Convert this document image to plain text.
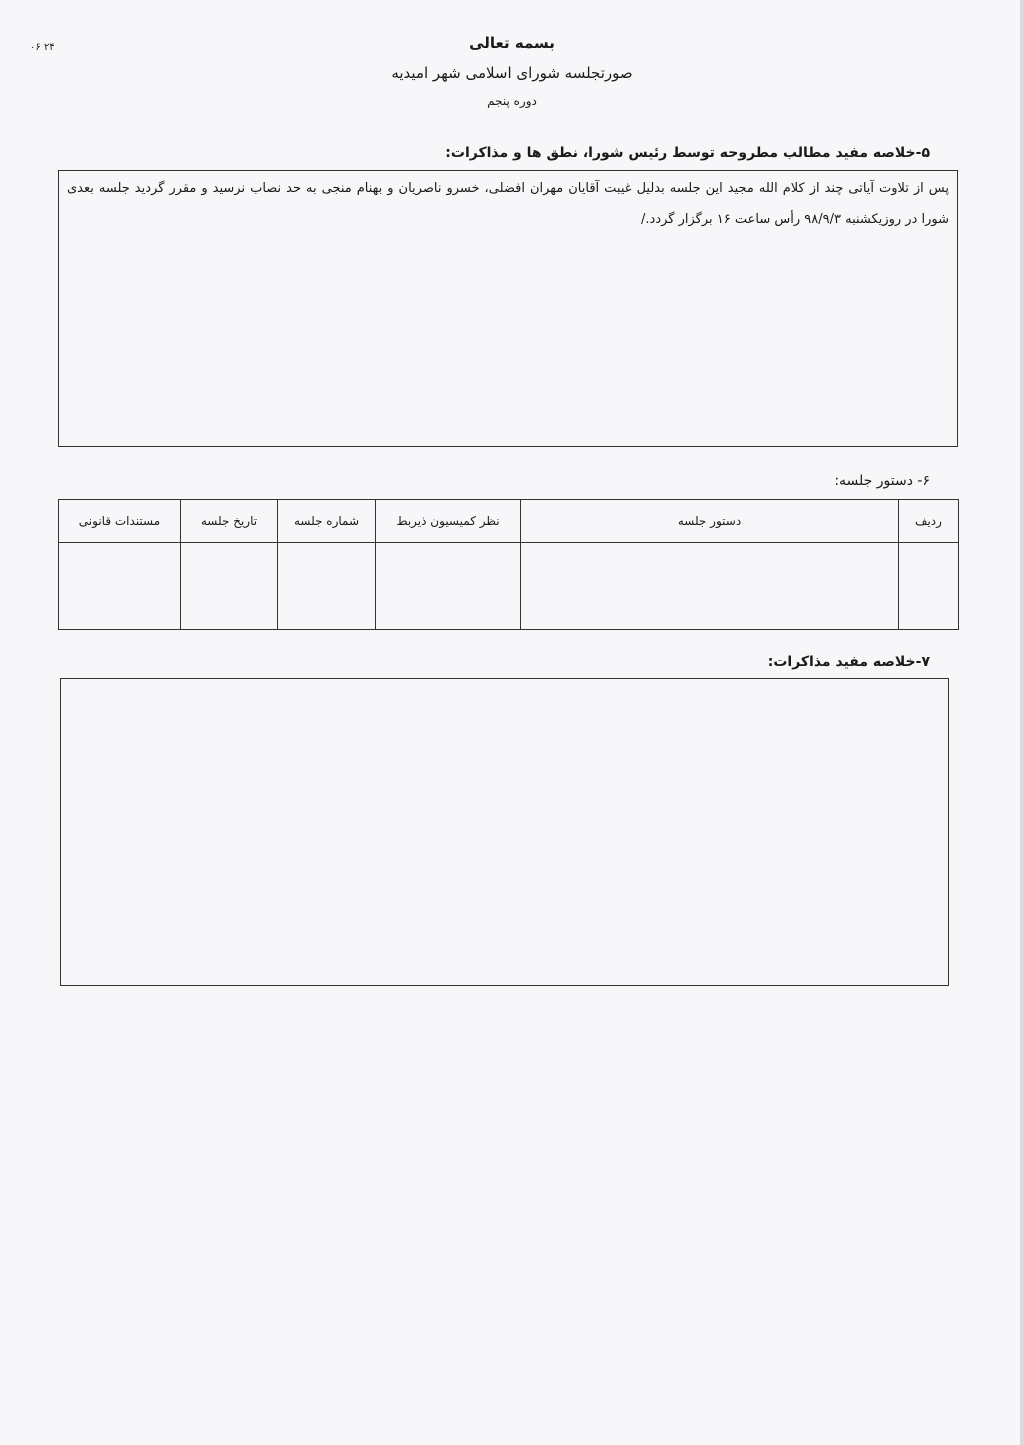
۲۴ ۰۶	بسمه تعالی
صورتجلسه شورای اسلامی شهر امیدیه
دوره پنجم
۵-خلاصه مفید مطالب مطروحه توسط رئیس شورا، نطق ها و مذاکرات:
پس از تلاوت آیاتی چند از کلام الله مجید این جلسه بدلیل غیبت آقایان مهران افضلی، خسرو ناصریان و بهنام منجی به حد نصاب نرسید و مقرر گردید جلسه بعدی شورا در روزیکشنبه ۹۸/۹/۳ رأس ساعت ۱۶ برگزار گردد./
۶- دستور جلسه:
ردیف	دستور جلسه	نظر کمیسیون ذیربط	شماره جلسه	تاریخ جلسه	مستندات قانونی

۷-خلاصه مفید مذاکرات:
